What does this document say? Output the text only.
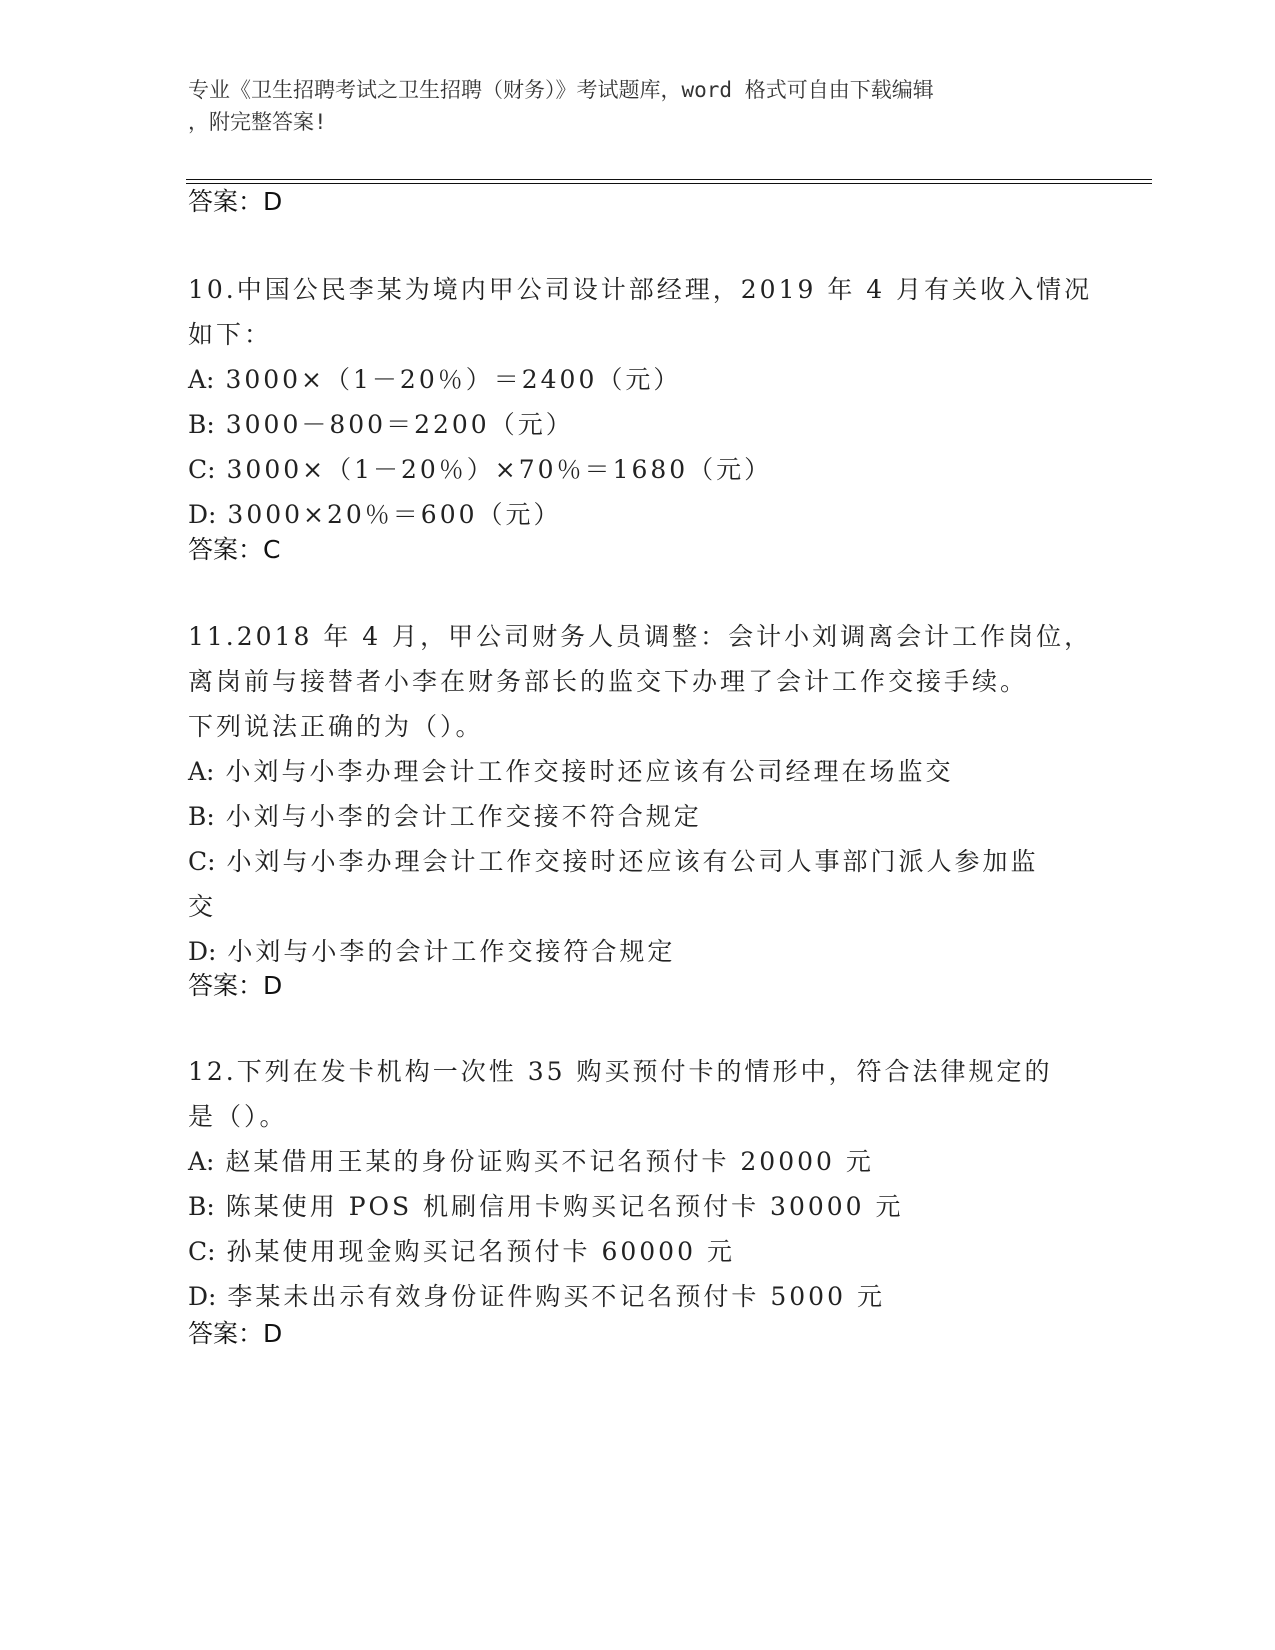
专业《卫生招聘考试之卫生招聘（财务）》考试题库，word 格式可自由下载编辑
，附完整答案!
答案：D
10.中国公民李某为境内甲公司设计部经理，2019 年 4 月有关收入情况
如下：
A: 3000×（1－20％）＝2400（元）
B: 3000－800＝2200（元）
C: 3000×（1－20％）×70％＝1680（元）
D: 3000×20％＝600（元）
答案：C
11.2018 年 4 月，甲公司财务人员调整：会计小刘调离会计工作岗位，
离岗前与接替者小李在财务部长的监交下办理了会计工作交接手续。
下列说法正确的为（）。
A: 小刘与小李办理会计工作交接时还应该有公司经理在场监交
B: 小刘与小李的会计工作交接不符合规定
C: 小刘与小李办理会计工作交接时还应该有公司人事部门派人参加监
交
D: 小刘与小李的会计工作交接符合规定
答案：D
12.下列在发卡机构一次性 35 购买预付卡的情形中，符合法律规定的
是（）。
A: 赵某借用王某的身份证购买不记名预付卡 20000 元
B: 陈某使用 POS 机刷信用卡购买记名预付卡 30000 元
C: 孙某使用现金购买记名预付卡 60000 元
D: 李某未出示有效身份证件购买不记名预付卡 5000 元
答案：D
